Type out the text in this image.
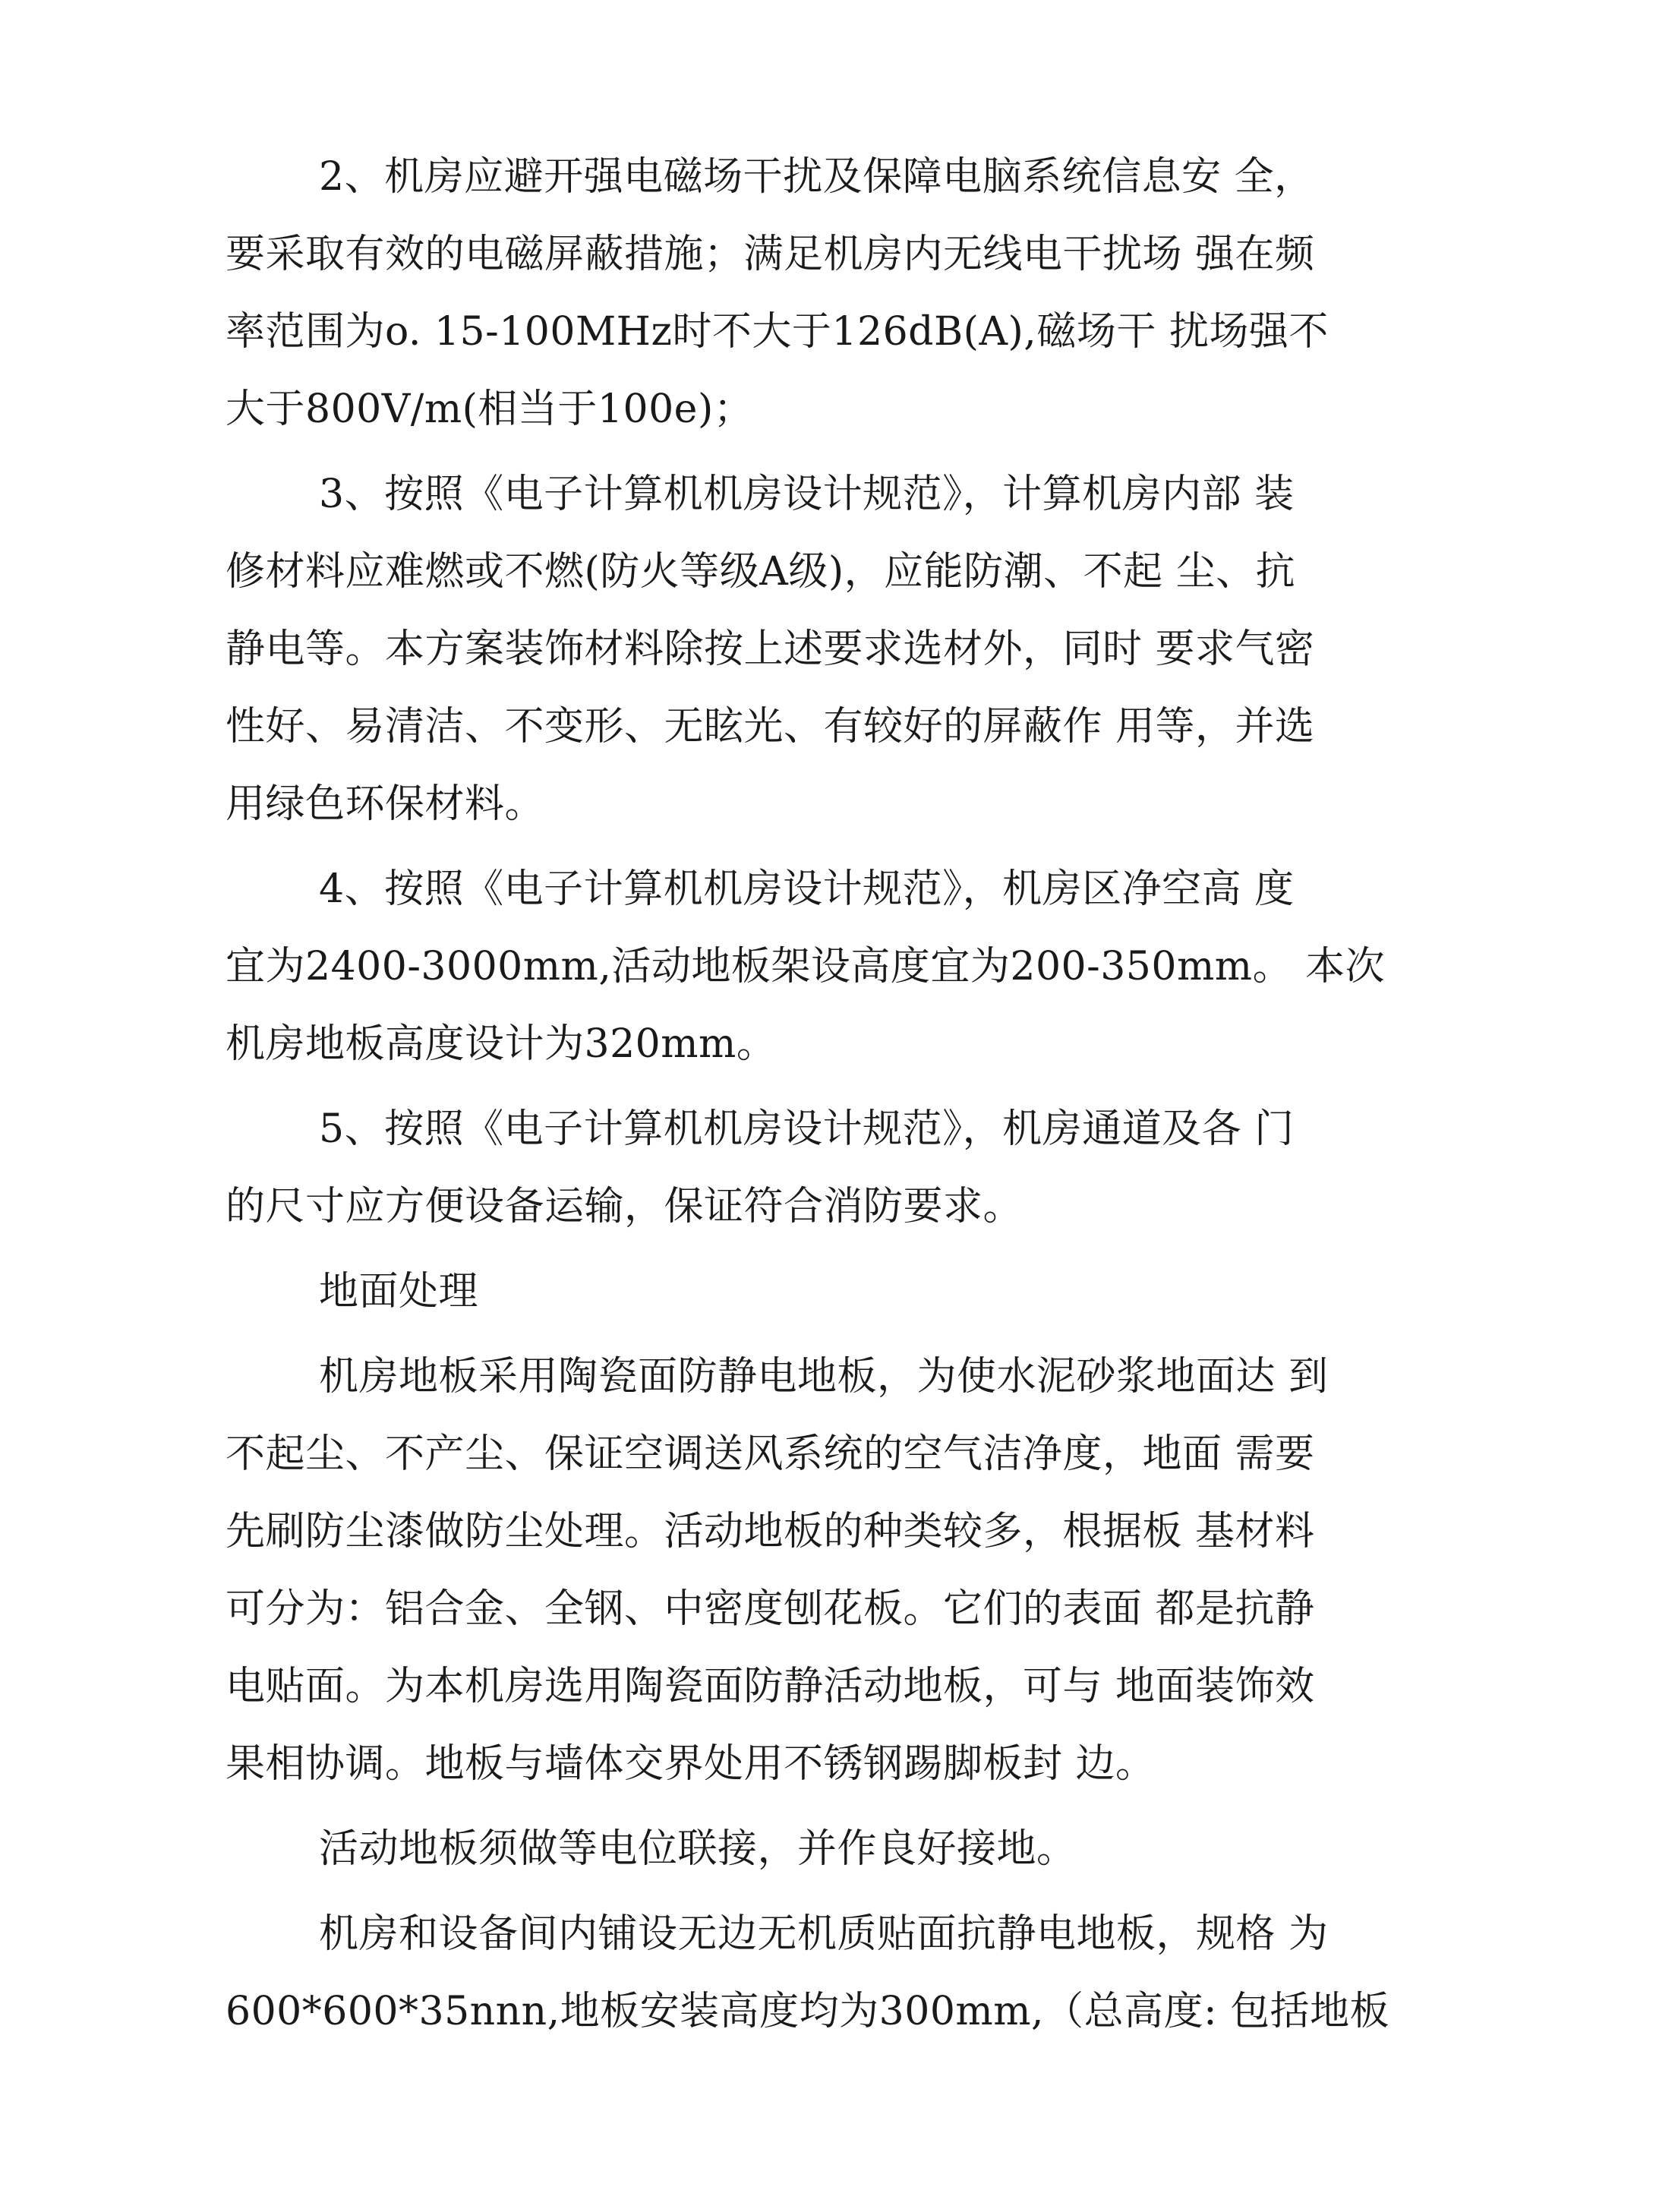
2、机房应避开强电磁场干扰及保障电脑系统信息安 全，
要采取有效的电磁屏蔽措施；满足机房内无线电干扰场 强在频
率范围为o. 15-100MHz时不大于126dB(A),磁场干 扰场强不
大于800V/m(相当于100e)；
3、按照《电子计算机机房设计规范》，计算机房内部 装
修材料应难燃或不燃(防火等级A级)，应能防潮、不起 尘、抗
静电等。本方案装饰材料除按上述要求选材外，同时 要求气密
性好、易清洁、不变形、无眩光、有较好的屏蔽作 用等，并选
用绿色环保材料。
4、按照《电子计算机机房设计规范》，机房区净空高 度
宜为2400-3000mm,活动地板架设高度宜为200-350mm。 本次
机房地板高度设计为320mm。
5、按照《电子计算机机房设计规范》，机房通道及各 门
的尺寸应方便设备运输，保证符合消防要求。
地面处理
机房地板采用陶瓷面防静电地板，为使水泥砂浆地面达 到
不起尘、不产尘、保证空调送风系统的空气洁净度，地面 需要
先刷防尘漆做防尘处理。活动地板的种类较多，根据板 基材料
可分为：铝合金、全钢、中密度刨花板。它们的表面 都是抗静
电贴面。为本机房选用陶瓷面防静活动地板，可与 地面装饰效
果相协调。地板与墙体交界处用不锈钢踢脚板封 边。
活动地板须做等电位联接，并作良好接地。
机房和设备间内铺设无边无机质贴面抗静电地板，规格 为
600*600*35nnn,地板安装高度均为300mm,（总高度: 包括地板
